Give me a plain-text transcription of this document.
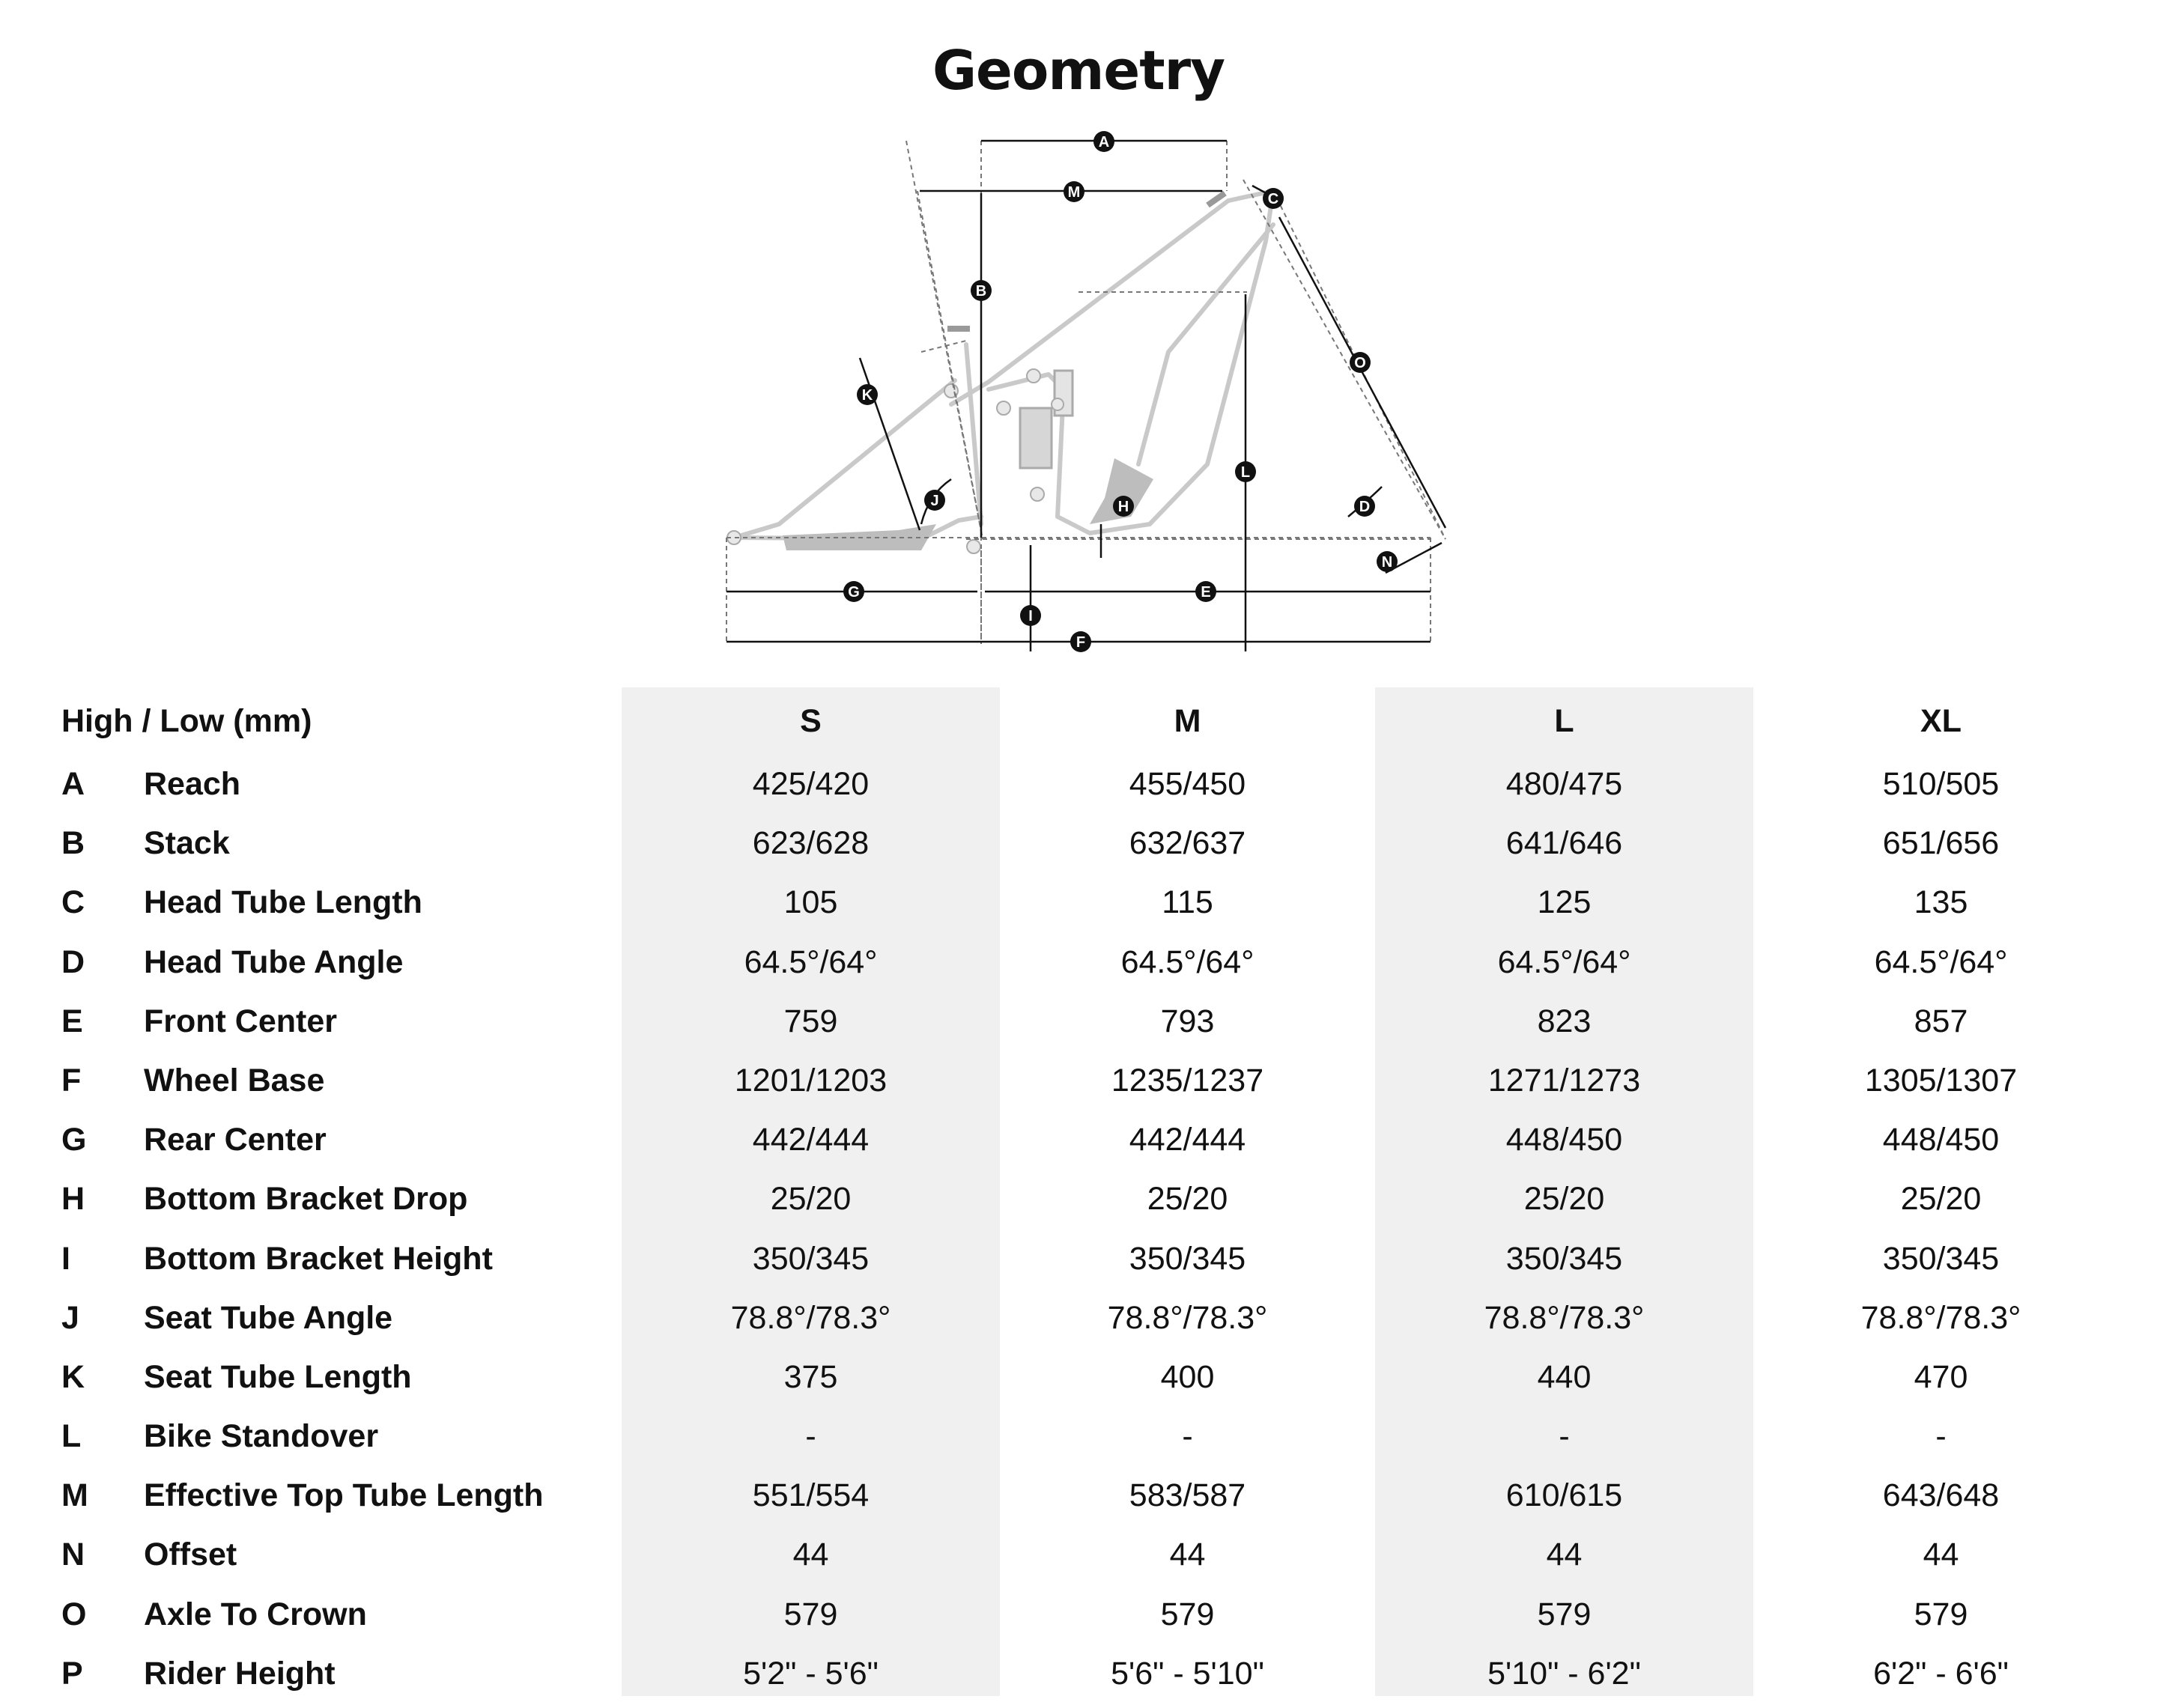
Geometry
A
B
C
D
E
F
G
H
I
J
K
L
M
N
O
High / Low (mm)	S	M	L	XL
A Reach	425/420	455/450	480/475	510/505
B Stack	623/628	632/637	641/646	651/656
C Head Tube Length	105	115	125	135
D Head Tube Angle	64.5°/64°	64.5°/64°	64.5°/64°	64.5°/64°
E Front Center	759	793	823	857
F Wheel Base	1201/1203	1235/1237	1271/1273	1305/1307
G Rear Center	442/444	442/444	448/450	448/450
H Bottom Bracket Drop	25/20	25/20	25/20	25/20
I Bottom Bracket Height	350/345	350/345	350/345	350/345
J Seat Tube Angle	78.8°/78.3°	78.8°/78.3°	78.8°/78.3°	78.8°/78.3°
K Seat Tube Length	375	400	440	470
L Bike Standover	-	-	-	-
M Effective Top Tube Length	551/554	583/587	610/615	643/648
N Offset	44	44	44	44
O Axle To Crown	579	579	579	579
P Rider Height	5'2" - 5'6"	5'6" - 5'10"	5'10" - 6'2"	6'2" - 6'6"
